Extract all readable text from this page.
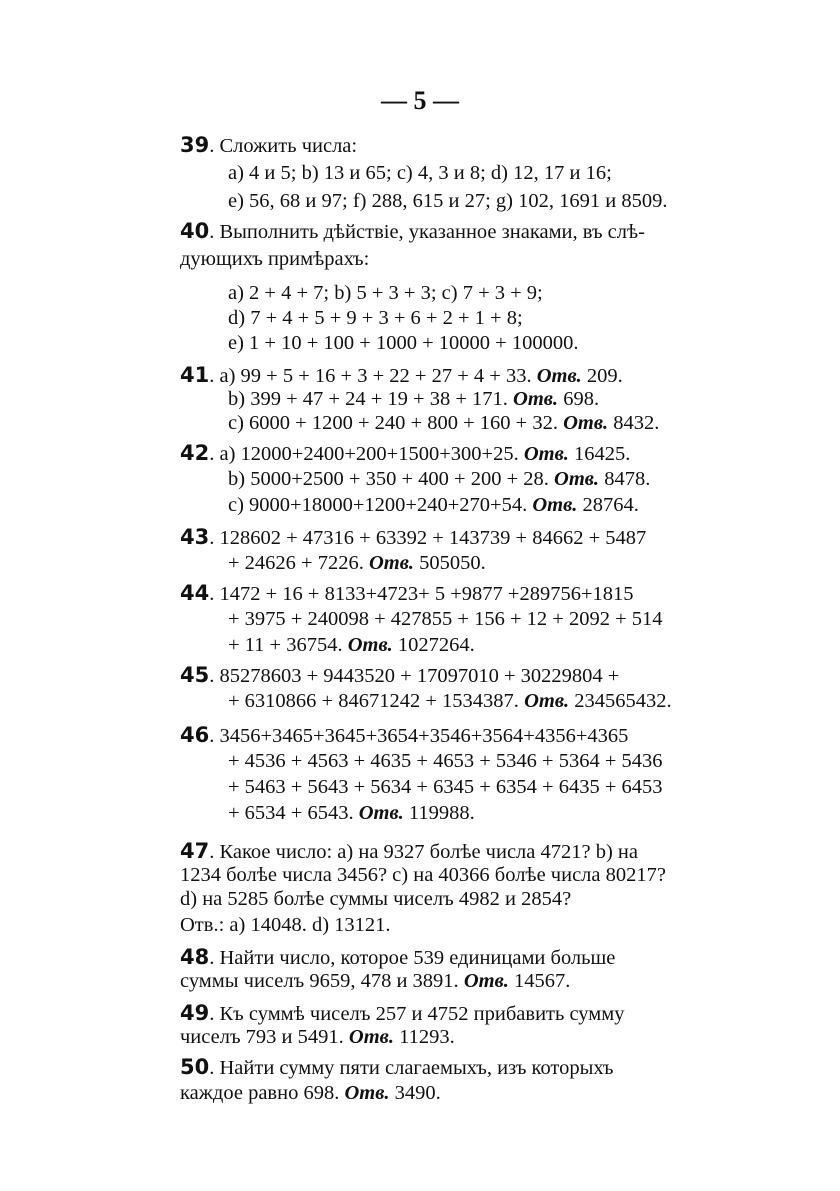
— 5 —
39. Сложить числа:
а) 4 и 5; b) 13 и 65; с) 4, 3 и 8; d) 12, 17 и 16;
е) 56, 68 и 97; f) 288, 615 и 27; g) 102, 1691 и 8509.
40. Выполнить дѣйствіе, указанное знаками, въ слѣ-
дующихъ примѣрахъ:
а) 2 + 4 + 7; b) 5 + 3 + 3; с) 7 + 3 + 9;
d) 7 + 4 + 5 + 9 + 3 + 6 + 2 + 1 + 8;
е) 1 + 10 + 100 + 1000 + 10000 + 100000.
41. а) 99 + 5 + 16 + 3 + 22 + 27 + 4 + 33. Отв. 209.
b) 399 + 47 + 24 + 19 + 38 + 171. Отв. 698.
с) 6000 + 1200 + 240 + 800 + 160 + 32. Отв. 8432.
42. а) 12000+2400+200+1500+300+25. Отв. 16425.
b) 5000+2500 + 350 + 400 + 200 + 28. Отв. 8478.
с) 9000+18000+1200+240+270+54. Отв. 28764.
43. 128602 + 47316 + 63392 + 143739 + 84662 + 5487
+ 24626 + 7226. Отв. 505050.
44. 1472 + 16 + 8133+4723+ 5 +9877 +289756+1815
+ 3975 + 240098 + 427855 + 156 + 12 + 2092 + 514
+ 11 + 36754. Отв. 1027264.
45. 85278603 + 9443520 + 17097010 + 30229804 +
+ 6310866 + 84671242 + 1534387. Отв. 234565432.
46. 3456+3465+3645+3654+3546+3564+4356+4365
+ 4536 + 4563 + 4635 + 4653 + 5346 + 5364 + 5436
+ 5463 + 5643 + 5634 + 6345 + 6354 + 6435 + 6453
+ 6534 + 6543. Отв. 119988.
47. Какое число: а) на 9327 болѣе числа 4721? b) на
1234 болѣе числа 3456? с) на 40366 болѣе числа 80217?
d) на 5285 болѣе суммы чиселъ 4982 и 2854?
Отв.: а) 14048. d) 13121.
48. Найти число, которое 539 единицами больше
суммы чиселъ 9659, 478 и 3891. Отв. 14567.
49. Къ суммѣ чиселъ 257 и 4752 прибавить сумму
чиселъ 793 и 5491. Отв. 11293.
50. Найти сумму пяти слагаемыхъ, изъ которыхъ
каждое равно 698. Отв. 3490.
